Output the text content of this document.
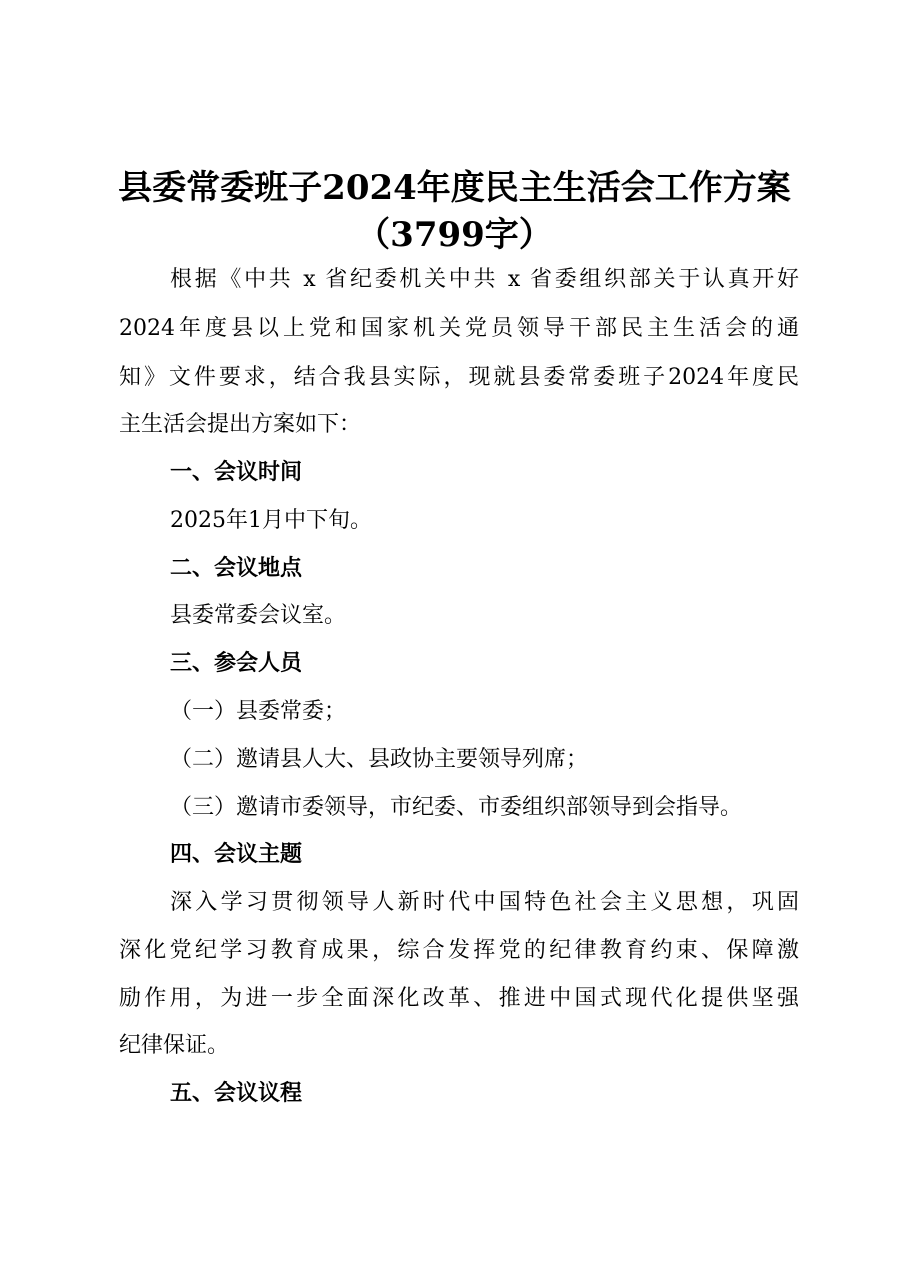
县委常委班子2024年度民主生活会工作方案
（3799字）
根据《中共 x 省纪委机关中共 x 省委组织部关于认真开好
2024年度县以上党和国家机关党员领导干部民主生活会的通
知》文件要求，结合我县实际，现就县委常委班子2024年度民
主生活会提出方案如下：
一、会议时间
2025年1月中下旬。
二、会议地点
县委常委会议室。
三、参会人员
（一）县委常委；
（二）邀请县人大、县政协主要领导列席；
（三）邀请市委领导，市纪委、市委组织部领导到会指导。
四、会议主题
深入学习贯彻领导人新时代中国特色社会主义思想，巩固
深化党纪学习教育成果，综合发挥党的纪律教育约束、保障激
励作用，为进一步全面深化改革、推进中国式现代化提供坚强
纪律保证。
五、会议议程
